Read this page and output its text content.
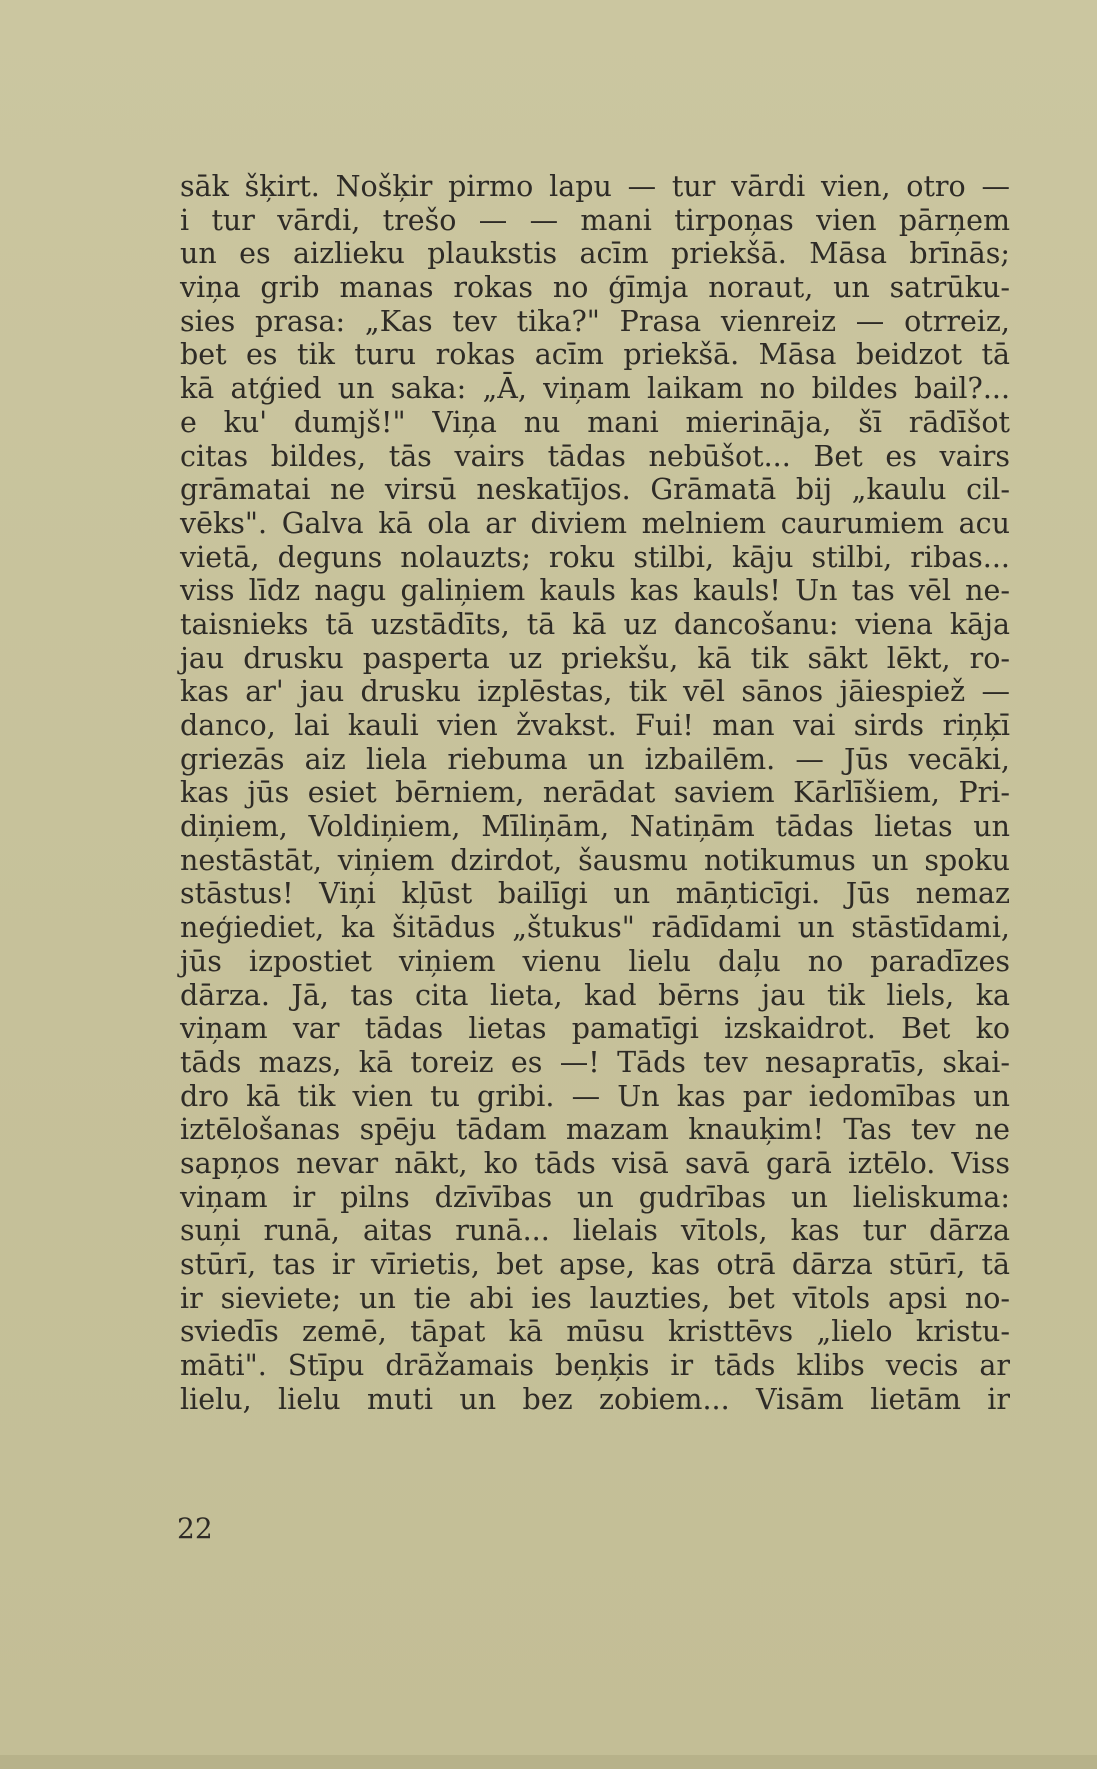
sāk šķirt. Nošķir pirmo lapu — tur vārdi vien, otro —
i tur vārdi, trešo — — mani tirpoņas vien pārņem
un es aizlieku plaukstis acīm priekšā. Māsa brīnās;
viņa grib manas rokas no ģīmja noraut, un satrūku-
sies prasa: „Kas tev tika?" Prasa vienreiz — otrreiz,
bet es tik turu rokas acīm priekšā. Māsa beidzot tā
kā atģied un saka: „Ā, viņam laikam no bildes bail?...
e ku' dumjš!" Viņa nu mani mierināja, šī rādīšot
citas bildes, tās vairs tādas nebūšot... Bet es vairs
grāmatai ne virsū neskatījos. Grāmatā bij „kaulu cil-
vēks". Galva kā ola ar diviem melniem caurumiem acu
vietā, deguns nolauzts; roku stilbi, kāju stilbi, ribas...
viss līdz nagu galiņiem kauls kas kauls! Un tas vēl ne-
taisnieks tā uzstādīts, tā kā uz dancošanu: viena kāja
jau drusku pasperta uz priekšu, kā tik sākt lēkt, ro-
kas ar' jau drusku izplēstas, tik vēl sānos jāiespiež —
danco, lai kauli vien žvakst. Fui! man vai sirds riņķī
griezās aiz liela riebuma un izbailēm. — Jūs vecāki,
kas jūs esiet bērniem, nerādat saviem Kārlīšiem, Pri-
diņiem, Voldiņiem, Mīliņām, Natiņām tādas lietas un
nestāstāt, viņiem dzirdot, šausmu notikumus un spoku
stāstus! Viņi kļūst bailīgi un māņticīgi. Jūs nemaz
neģiediet, ka šitādus „štukus" rādīdami un stāstīdami,
jūs izpostiet viņiem vienu lielu daļu no paradīzes
dārza. Jā, tas cita lieta, kad bērns jau tik liels, ka
viņam var tādas lietas pamatīgi izskaidrot. Bet ko
tāds mazs, kā toreiz es —! Tāds tev nesapratīs, skai-
dro kā tik vien tu gribi. — Un kas par iedomības un
iztēlošanas spēju tādam mazam knauķim! Tas tev ne
sapņos nevar nākt, ko tāds visā savā garā iztēlo. Viss
viņam ir pilns dzīvības un gudrības un lieliskuma:
suņi runā, aitas runā... lielais vītols, kas tur dārza
stūrī, tas ir vīrietis, bet apse, kas otrā dārza stūrī, tā
ir sieviete; un tie abi ies lauzties, bet vītols apsi no-
sviedīs zemē, tāpat kā mūsu kristtēvs „lielo kristu-
māti". Stīpu drāžamais beņķis ir tāds klibs vecis ar
lielu, lielu muti un bez zobiem... Visām lietām ir
22
